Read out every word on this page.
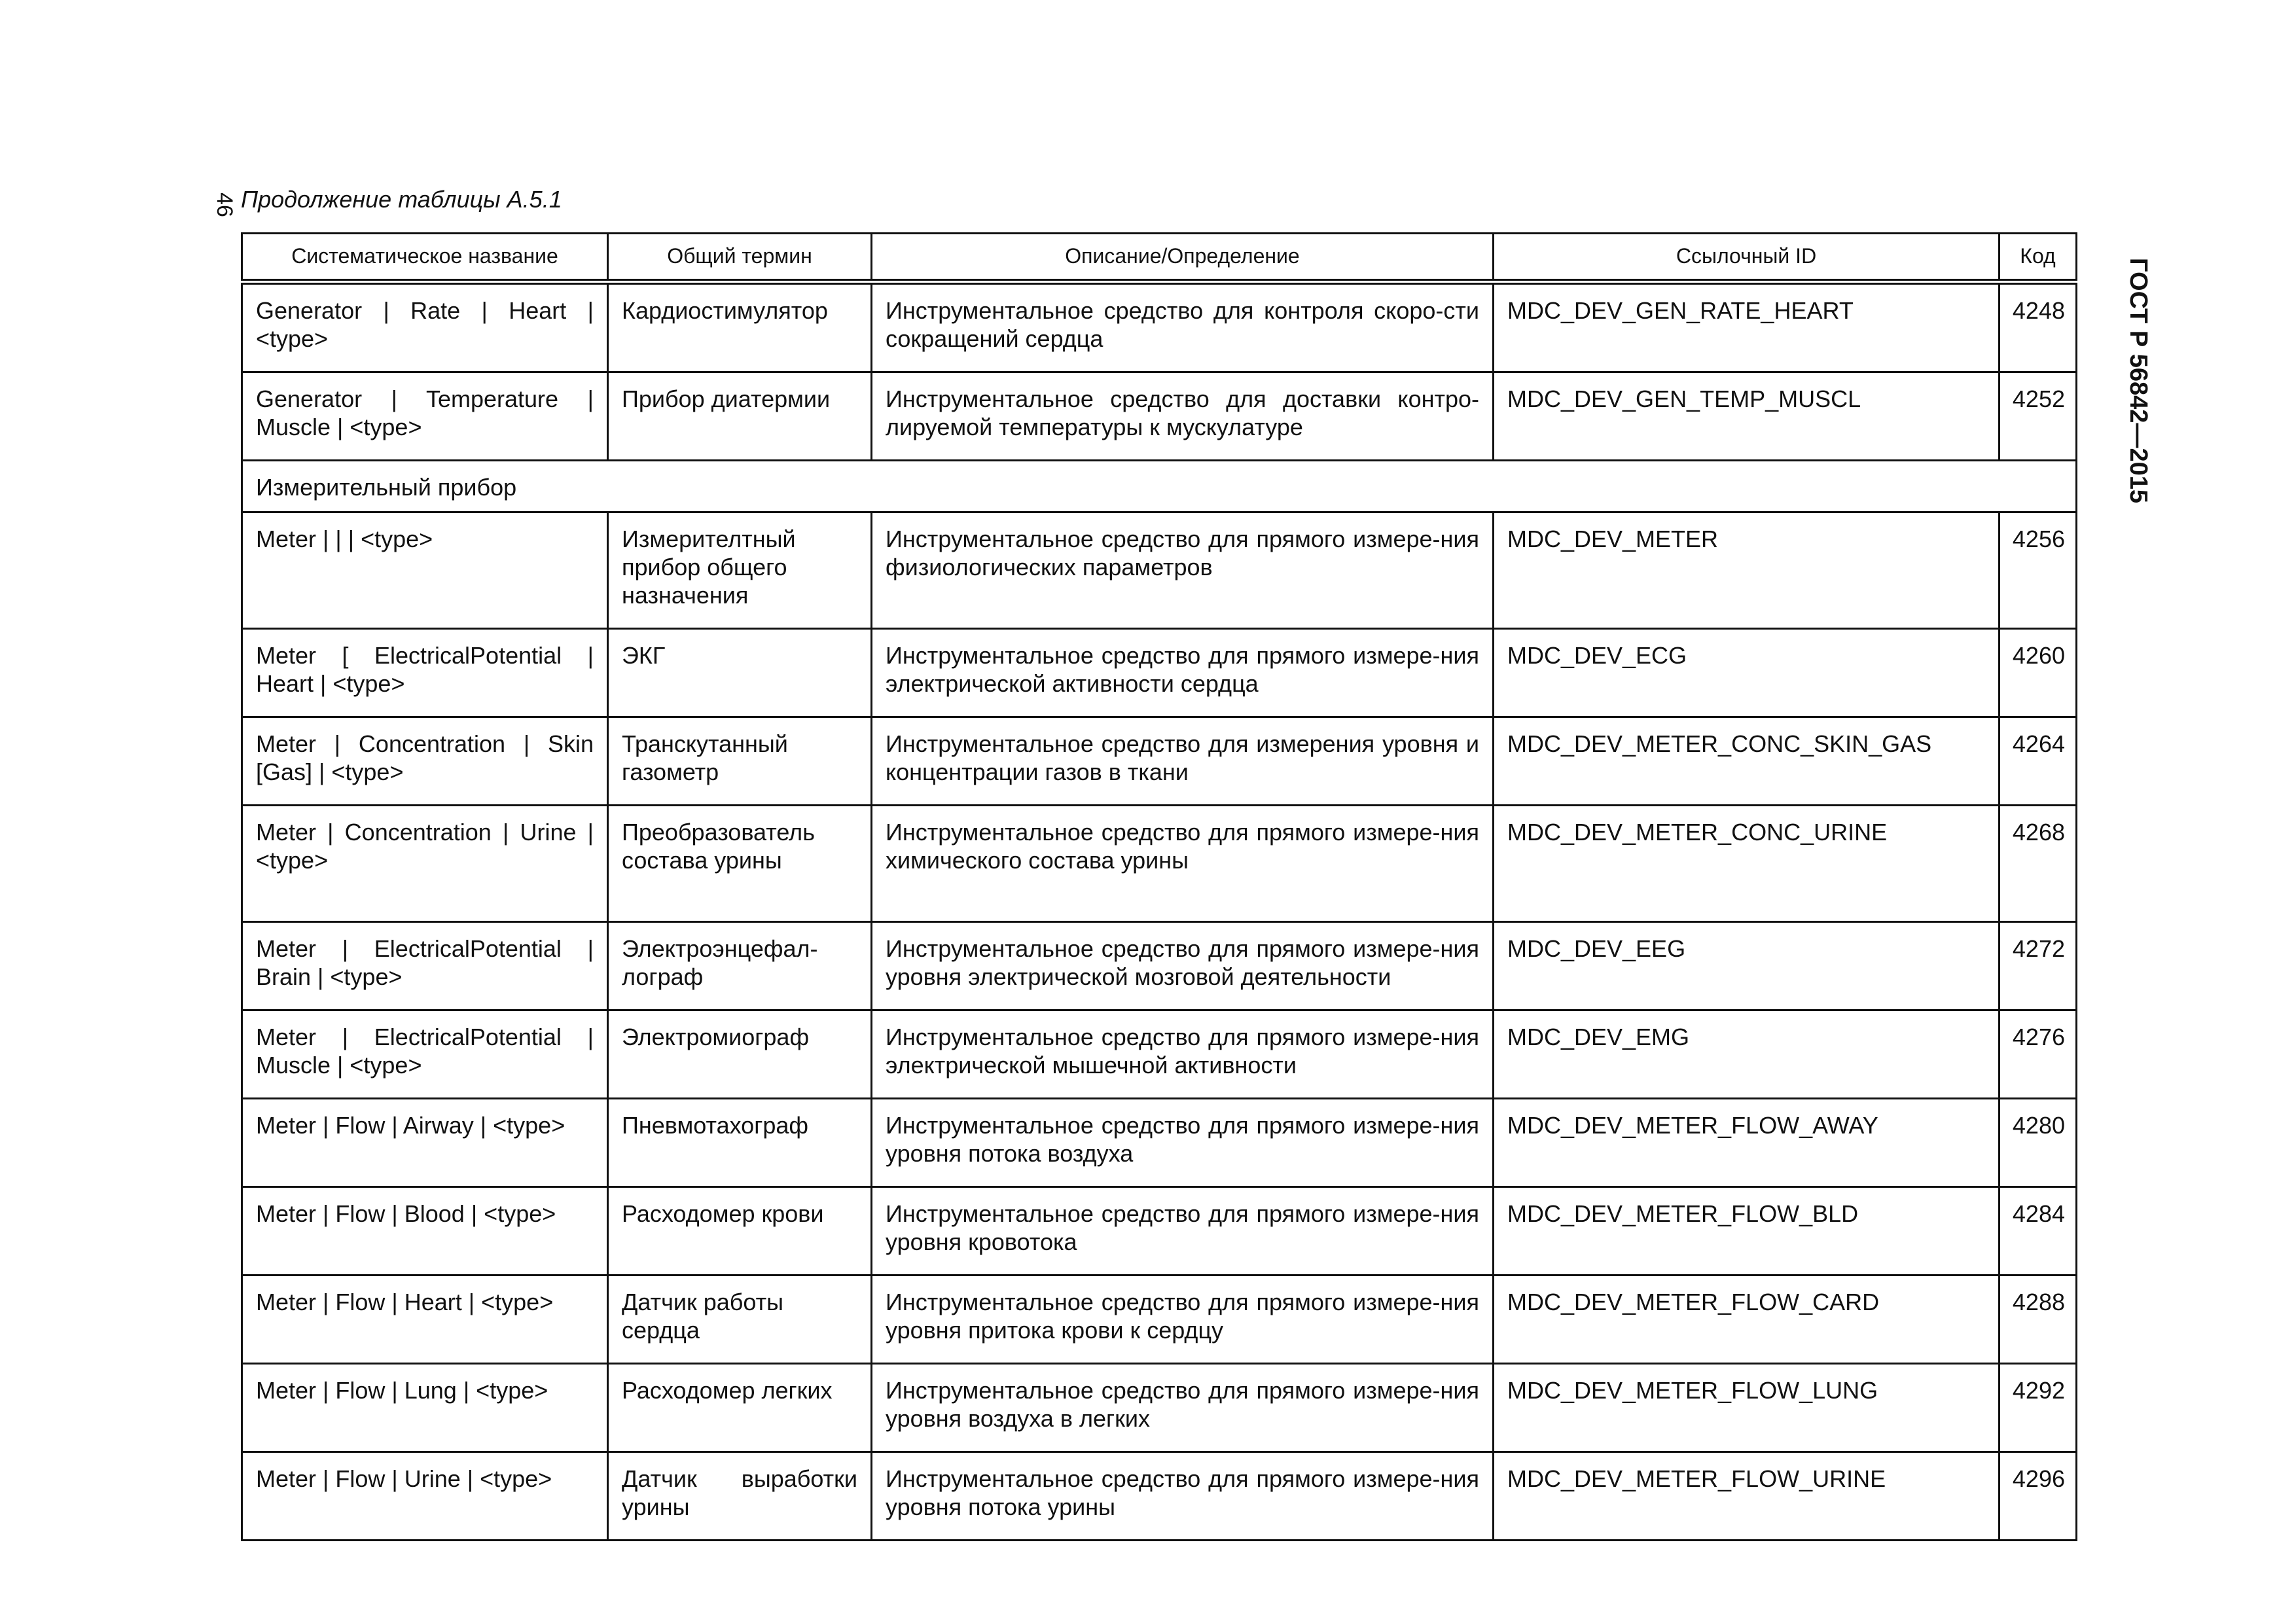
46 Продолжение таблицы А.5.1
ГОСТ Р 56842—2015
Систематическое название	Общий термин	Описание/Определение	Ссылочный ID	Код
Generator | Rate | Heart | <type>	Кардиостимулятор	Инструментальное средство для контроля скоро-сти сокращений сердца	MDC_DEV_GEN_RATE_HEART	4248
Generator | Temperature | Muscle | <type>	Прибор диатермии	Инструментальное средство для доставки контро-лируемой температуры к мускулатуре	MDC_DEV_GEN_TEMP_MUSCL	4252
Измерительный прибор				
Meter | | | <type>	Измерителтный прибор общего назначения	Инструментальное средство для прямого измере-ния физиологических параметров	MDC_DEV_METER	4256
Meter [ ElectricalPotential | Heart | <type>	ЭКГ	Инструментальное средство для прямого измере-ния электрической активности сердца	MDC_DEV_ECG	4260
Meter | Concentration | Skin [Gas] | <type>	Транскутанный газометр	Инструментальное средство для измерения уровня и концентрации газов в ткани	MDC_DEV_METER_CONC_SKIN_GAS	4264
Meter | Concentration | Urine | <type>	Преобразователь состава урины	Инструментальное средство для прямого измере-ния химического состава урины	MDC_DEV_METER_CONC_URINE	4268
Meter | ElectricalPotential | Brain | <type>	Электроэнцефал-лограф	Инструментальное средство для прямого измере-ния уровня электрической мозговой деятельности	MDC_DEV_EEG	4272
Meter | ElectricalPotential | Muscle | <type>	Электромиограф	Инструментальное средство для прямого измере-ния электрической мышечной активности	MDC_DEV_EMG	4276
Meter | Flow | Airway | <type>	Пневмотахограф	Инструментальное средство для прямого измере-ния уровня потока воздуха	MDC_DEV_METER_FLOW_AWAY	4280
Meter | Flow | Blood | <type>	Расходомер крови	Инструментальное средство для прямого измере-ния уровня кровотока	MDC_DEV_METER_FLOW_BLD	4284
Meter | Flow | Heart | <type>	Датчик работы сердца	Инструментальное средство для прямого измере-ния уровня притока крови к сердцу	MDC_DEV_METER_FLOW_CARD	4288
Meter | Flow | Lung | <type>	Расходомер легких	Инструментальное средство для прямого измере-ния уровня воздуха в легких	MDC_DEV_METER_FLOW_LUNG	4292
Meter | Flow | Urine | <type>	Датчик выработки урины	Инструментальное средство для прямого измере-ния уровня потока урины	MDC_DEV_METER_FLOW_URINE	4296
